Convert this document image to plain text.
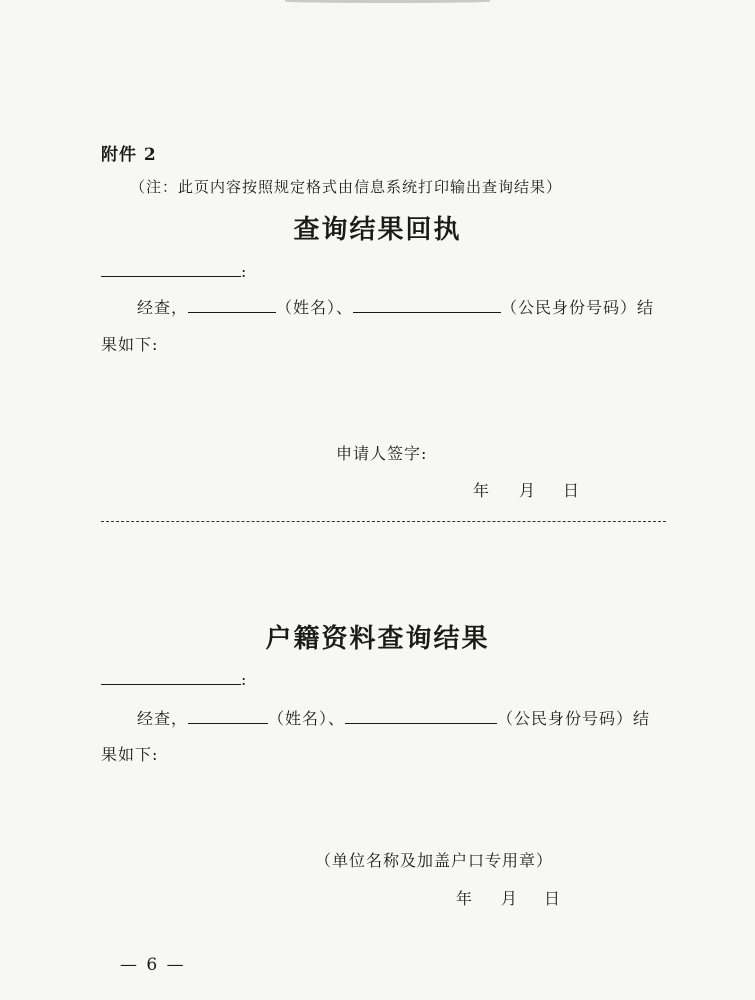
附件 2
（注：此页内容按照规定格式由信息系统打印输出查询结果）
查询结果回执
:
经查，	（姓名）、	（公民身份号码）结
果如下:
申请人签字:
年 月 日
户籍资料查询结果
:
经查，	（姓名）、	（公民身份号码）结
果如下:
（单位名称及加盖户口专用章）
年 月 日
— 6 —
